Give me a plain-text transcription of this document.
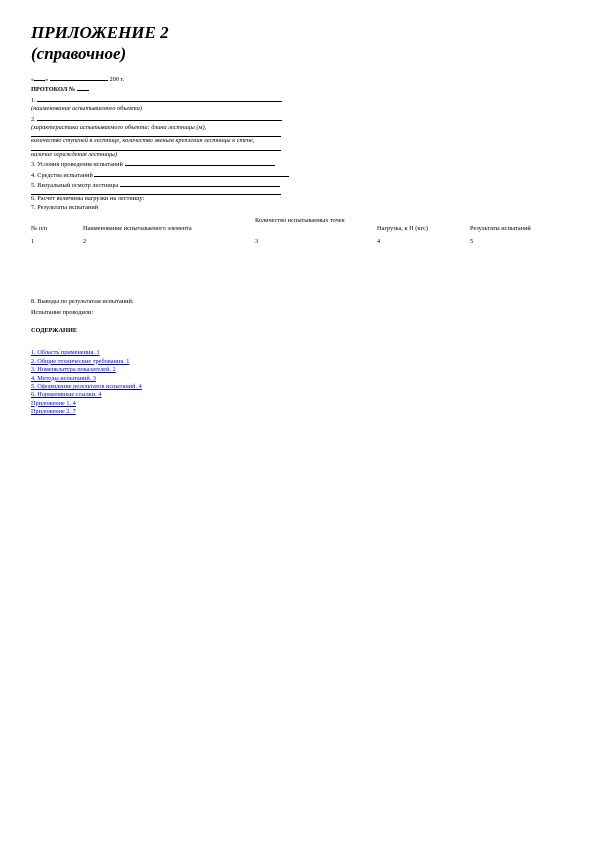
ПРИЛОЖЕНИЕ 2
(справочное)
« »	200 г.
ПРОТОКОЛ №
1.
(наименование испытываемого объекта)
2.
(характеристика испытываемого объекта: длина лестницы (м),
количество ступеней в лестнице, количество звеньев крепления лестницы к стене,
наличие ограждения лестницы)
3. Условия проведения испытаний
4. Средства испытаний
5. Визуальный осмотр лестницы
6. Расчет величины нагрузки на лестницу:
7. Результаты испытаний
№ п/п	Наименование испытываемого элемента	Количество испытываемых точек	Нагрузка, к Н (кгс)	Результаты испытаний
1	2	3	4	5
8. Выводы по результатам испытаний:
Испытание проводили:
СОДЕРЖАНИЕ
1. Область применения. 1
2. Общие технические требования. 1
3. Номенклатура показателей. 2
4. Методы испытаний. 3
5. Оформление результатов испытаний. 4
6. Нормативные ссылки. 4
Приложение 1. 4
Приложение 2. 7
